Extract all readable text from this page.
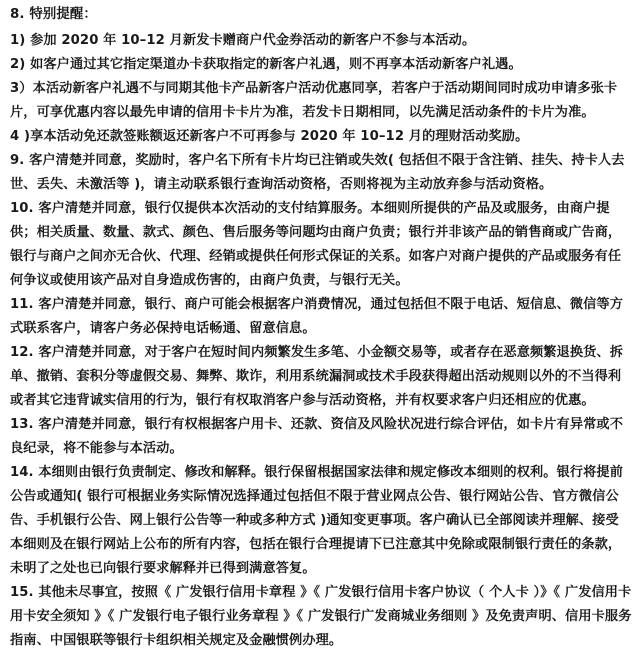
8. 特别提醒：
1) 参加 2020 年 10–12 月新发卡赠商户代金券活动的新客户不参与本活动。
2) 如客户通过其它指定渠道办卡获取指定的新客户礼遇，则不再享本活动新客户礼遇。
3）本活动新客户礼遇不与同期其他卡产品新客户活动优惠同享，若客户于活动期间同时成功申请多张卡片，可享优惠内容以最先申请的信用卡卡片为准，若发卡日期相同，以先满足活动条件的卡片为准。
4 )享本活动免还款签账额返还新客户不可再参与 2020 年 10–12 月的理财活动奖励。
9. 客户清楚并同意，奖励时，客户名下所有卡片均已注销或失效( 包括但不限于含注销、挂失、持卡人去世、丢失、未激活等 )，请主动联系银行查询活动资格，否则将视为主动放弃参与活动资格。
10. 客户清楚并同意，银行仅提供本次活动的支付结算服务。本细则所提供的产品及或服务，由商户提供；相关质量、数量、款式、颜色、售后服务等问题均由商户负责；银行并非该产品的销售商或广告商，银行与商户之间亦无合伙、代理、经销或提供任何形式保证的关系。如客户对商户提供的产品或服务有任何争议或使用该产品对自身造成伤害的，由商户负责，与银行无关。
11. 客户清楚并同意，银行、商户可能会根据客户消费情况，通过包括但不限于电话、短信息、微信等方式联系客户，请客户务必保持电话畅通、留意信息。
12. 客户清楚并同意，对于客户在短时间内频繁发生多笔、小金额交易等，或者存在恶意频繁退换货、拆单、撤销、套积分等虚假交易、舞弊、欺诈，利用系统漏洞或技术手段获得超出活动规则以外的不当得利或者其它违背诚实信用的行为，银行有权取消客户参与活动资格，并有权要求客户归还相应的优惠。
13. 客户清楚并同意，银行有权根据客户用卡、还款、资信及风险状况进行综合评估，如卡片有异常或不良纪录，将不能参与本活动。
14. 本细则由银行负责制定、修改和解释。银行保留根据国家法律和规定修改本细则的权利。银行将提前公告或通知( 银行可根据业务实际情况选择通过包括但不限于营业网点公告、银行网站公告、官方微信公告、手机银行公告、网上银行公告等一种或多种方式 )通知变更事项。客户确认已全部阅读并理解、接受本细则及在银行网站上公布的所有内容，包括在银行合理提请下已注意其中免除或限制银行责任的条款，未明了之处也已向银行要求解释并已得到满意答复。
15. 其他未尽事宜，按照《 广发银行信用卡章程 》《 广发银行信用卡客户协议（ 个人卡 ）》《 广发信用卡用卡安全须知 》《 广发银行电子银行业务章程 》《 广发银行广发商城业务细则 》及免责声明、信用卡服务指南、中国银联等银行卡组织相关规定及金融惯例办理。
